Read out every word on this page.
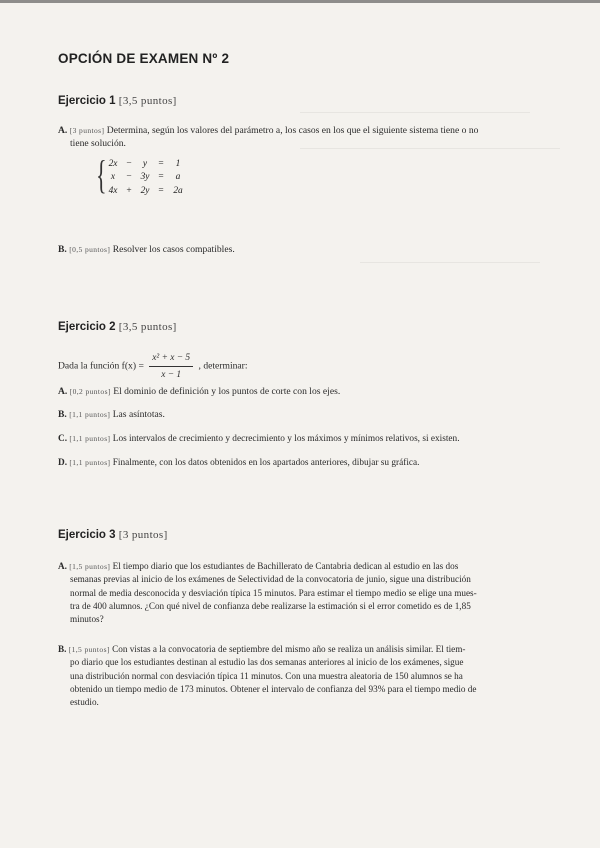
OPCIÓN DE EXAMEN Nº 2
Ejercicio 1 [3,5 puntos]
A. [3 puntos] Determina, según los valores del parámetro a, los casos en los que el siguiente sistema tiene o no
tiene solución.
{ 2x −	y	=	1
x	− 3y =	a
4x + 2y =	2a
B. [0,5 puntos] Resolver los casos compatibles.
Ejercicio 2 [3,5 puntos]
Dada la función $f(x) = \frac{\text{x² + x − 5}}{x - 1}$ , determinar:
A. [0,2 puntos] El dominio de definición y los puntos de corte con los ejes.
B. [1,1 puntos] Las asíntotas.
C. [1,1 puntos] Los intervalos de crecimiento y decrecimiento y los máximos y mínimos relativos, si existen.
D. [1,1 puntos] Finalmente, con los datos obtenidos en los apartados anteriores, dibujar su gráfica.
Ejercicio 3 [3 puntos]
A. [1,5 puntos] El tiempo diario que los estudiantes de Bachillerato de Cantabria dedican al estudio en las dos
semanas previas al inicio de los exámenes de Selectividad de la convocatoria de junio, sigue una distribución
normal de media desconocida y desviación típica 15 minutos. Para estimar el tiempo medio se elige una mues-
tra de 400 alumnos. ¿Con qué nivel de confianza debe realizarse la estimación si el error cometido es de 1,85
minutos?
B. [1,5 puntos] Con vistas a la convocatoria de septiembre del mismo año se realiza un análisis similar. El tiem-
po diario que los estudiantes destinan al estudio las dos semanas anteriores al inicio de los exámenes, sigue
una distribución normal con desviación típica 11 minutos. Con una muestra aleatoria de 150 alumnos se ha
obtenido un tiempo medio de 173 minutos. Obtener el intervalo de confianza del 93% para el tiempo medio de
estudio.
